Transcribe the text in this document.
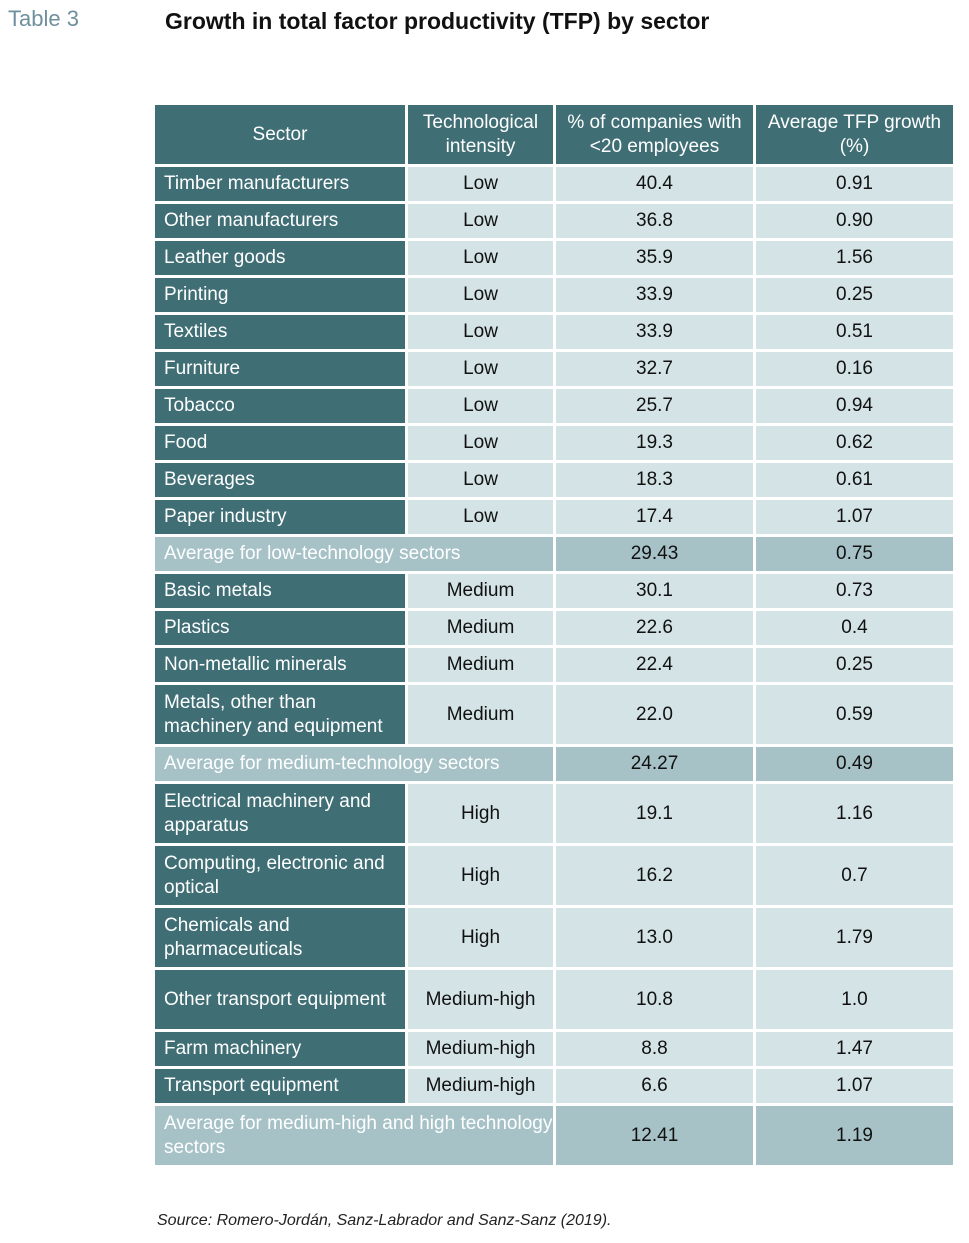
Table 3	Growth in total factor productivity (TFP) by sector
Sector	Technological intensity	% of companies with <20 employees	Average TFP growth (%)
Timber manufacturers	Low	40.4	0.91
Other manufacturers	Low	36.8	0.90
Leather goods	Low	35.9	1.56
Printing	Low	33.9	0.25
Textiles	Low	33.9	0.51
Furniture	Low	32.7	0.16
Tobacco	Low	25.7	0.94
Food	Low	19.3	0.62
Beverages	Low	18.3	0.61
Paper industry	Low	17.4	1.07
Average for low-technology sectors		29.43	0.75
Basic metals	Medium	30.1	0.73
Plastics	Medium	22.6	0.4
Non-metallic minerals	Medium	22.4	0.25
Metals, other than machinery and equipment	Medium	22.0	0.59
Average for medium-technology sectors		24.27	0.49
Electrical machinery and apparatus	High	19.1	1.16
Computing, electronic and optical	High	16.2	0.7
Chemicals and pharmaceuticals	High	13.0	1.79
Other transport equipment	Medium-high	10.8	1.0
Farm machinery	Medium-high	8.8	1.47
Transport equipment	Medium-high	6.6	1.07
Average for medium-high and high technology sectors		12.41	1.19

Source: Romero-Jordán, Sanz-Labrador and Sanz-Sanz (2019).
